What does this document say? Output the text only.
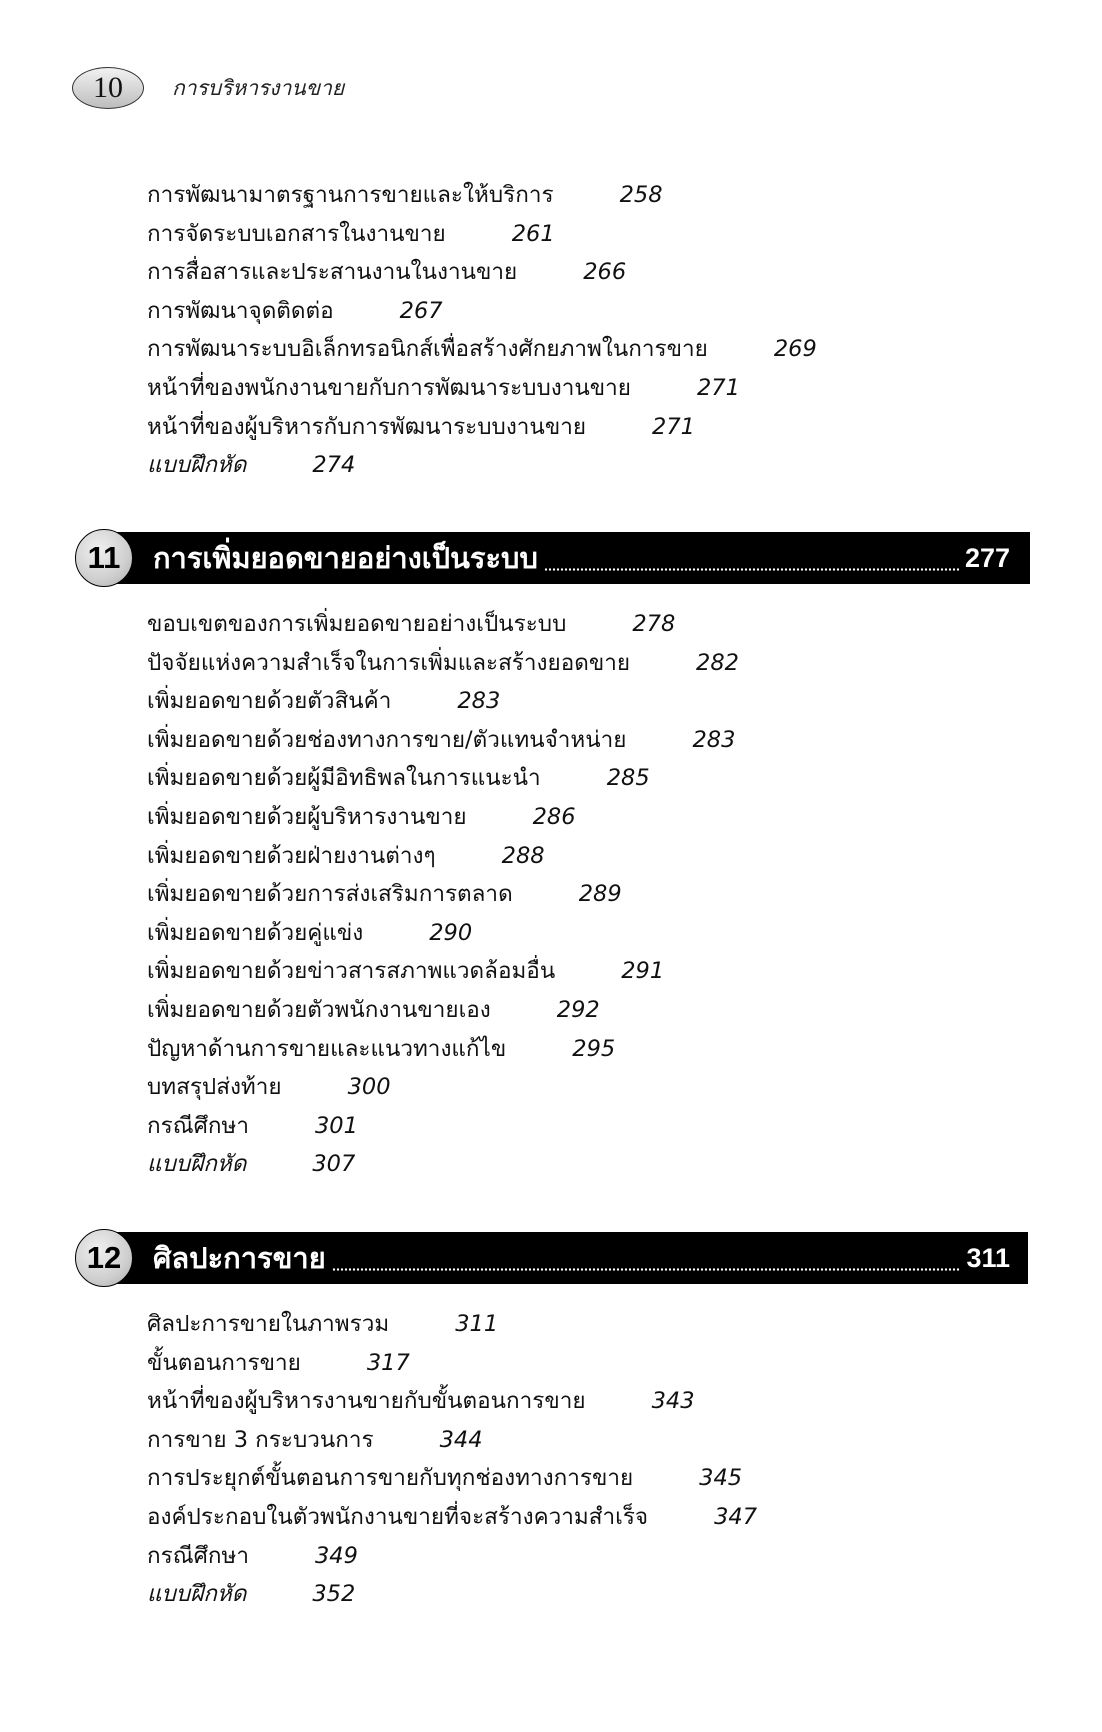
10	การบริหารงานขาย
การพัฒนามาตรฐานการขายและให้บริการ	258
การจัดระบบเอกสารในงานขาย	261
การสื่อสารและประสานงานในงานขาย	266
การพัฒนาจุดติดต่อ	267
การพัฒนาระบบอิเล็กทรอนิกส์เพื่อสร้างศักยภาพในการขาย	269
หน้าที่ของพนักงานขายกับการพัฒนาระบบงานขาย	271
หน้าที่ของผู้บริหารกับการพัฒนาระบบงานขาย	271
แบบฝึกหัด	274
11	การเพิ่มยอดขายอย่างเป็นระบบ	277
ขอบเขตของการเพิ่มยอดขายอย่างเป็นระบบ	278
ปัจจัยแห่งความสำเร็จในการเพิ่มและสร้างยอดขาย	282
เพิ่มยอดขายด้วยตัวสินค้า	283
เพิ่มยอดขายด้วยช่องทางการขาย/ตัวแทนจำหน่าย	283
เพิ่มยอดขายด้วยผู้มีอิทธิพลในการแนะนำ	285
เพิ่มยอดขายด้วยผู้บริหารงานขาย	286
เพิ่มยอดขายด้วยฝ่ายงานต่างๆ	288
เพิ่มยอดขายด้วยการส่งเสริมการตลาด	289
เพิ่มยอดขายด้วยคู่แข่ง	290
เพิ่มยอดขายด้วยข่าวสารสภาพแวดล้อมอื่น	291
เพิ่มยอดขายด้วยตัวพนักงานขายเอง	292
ปัญหาด้านการขายและแนวทางแก้ไข	295
บทสรุปส่งท้าย	300
กรณีศึกษา	301
แบบฝึกหัด	307
12	ศิลปะการขาย	311
ศิลปะการขายในภาพรวม	311
ขั้นตอนการขาย	317
หน้าที่ของผู้บริหารงานขายกับขั้นตอนการขาย	343
การขาย 3 กระบวนการ	344
การประยุกต์ขั้นตอนการขายกับทุกช่องทางการขาย	345
องค์ประกอบในตัวพนักงานขายที่จะสร้างความสำเร็จ	347
กรณีศึกษา	349
แบบฝึกหัด	352
